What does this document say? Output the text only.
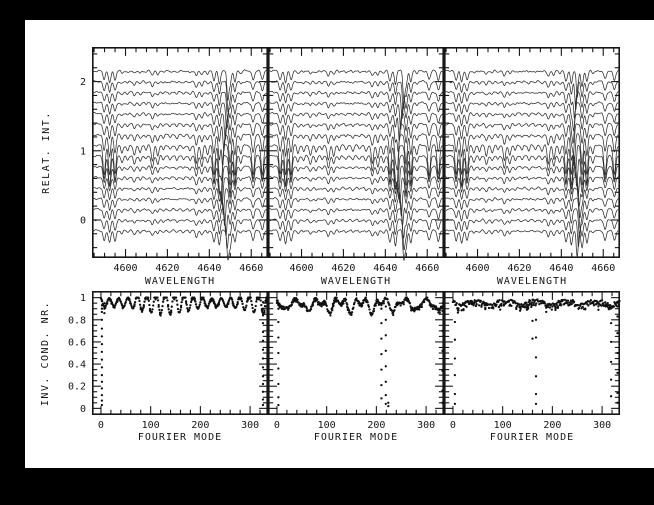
RELAT. INT.
INV. COND. NR.
4600 4620 4640 4660
0
1
2
4600 4620 4640 4660	4600 4620 4640 4660
0	100	200	300
0
0.2
0.4
0.6
0.8
1
0	100	200	300 0	100	200	300
WAVELENGTH	WAVELENGTH	WAVELENGTH
FOURIER MODE	FOURIER MODE	FOURIER MODE
